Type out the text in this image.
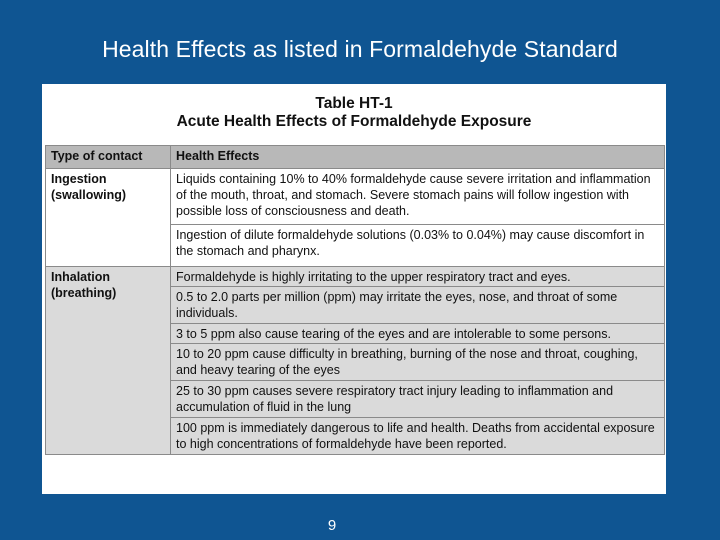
Health Effects as listed in Formaldehyde Standard
Table HT-1
Acute Health Effects of Formaldehyde Exposure
Type of contact	Health Effects
Ingestion
(swallowing)	Liquids containing 10% to 40% formaldehyde cause severe irritation and inflammation of the mouth, throat, and stomach. Severe stomach pains will follow ingestion with possible loss of consciousness and death.
	Ingestion of dilute formaldehyde solutions (0.03% to 0.04%) may cause discomfort in the stomach and pharynx.
Inhalation
(breathing)	Formaldehyde is highly irritating to the upper respiratory tract and eyes.
	0.5 to 2.0 parts per million (ppm) may irritate the eyes, nose, and throat of some individuals.
	3 to 5 ppm also cause tearing of the eyes and are intolerable to some persons.
	10 to 20 ppm cause difficulty in breathing, burning of the nose and throat, coughing, and heavy tearing of the eyes
	25 to 30 ppm causes severe respiratory tract injury leading to inflammation and accumulation of fluid in the lung
	100 ppm is immediately dangerous to life and health. Deaths from accidental exposure to high concentrations of formaldehyde have been reported.
9
